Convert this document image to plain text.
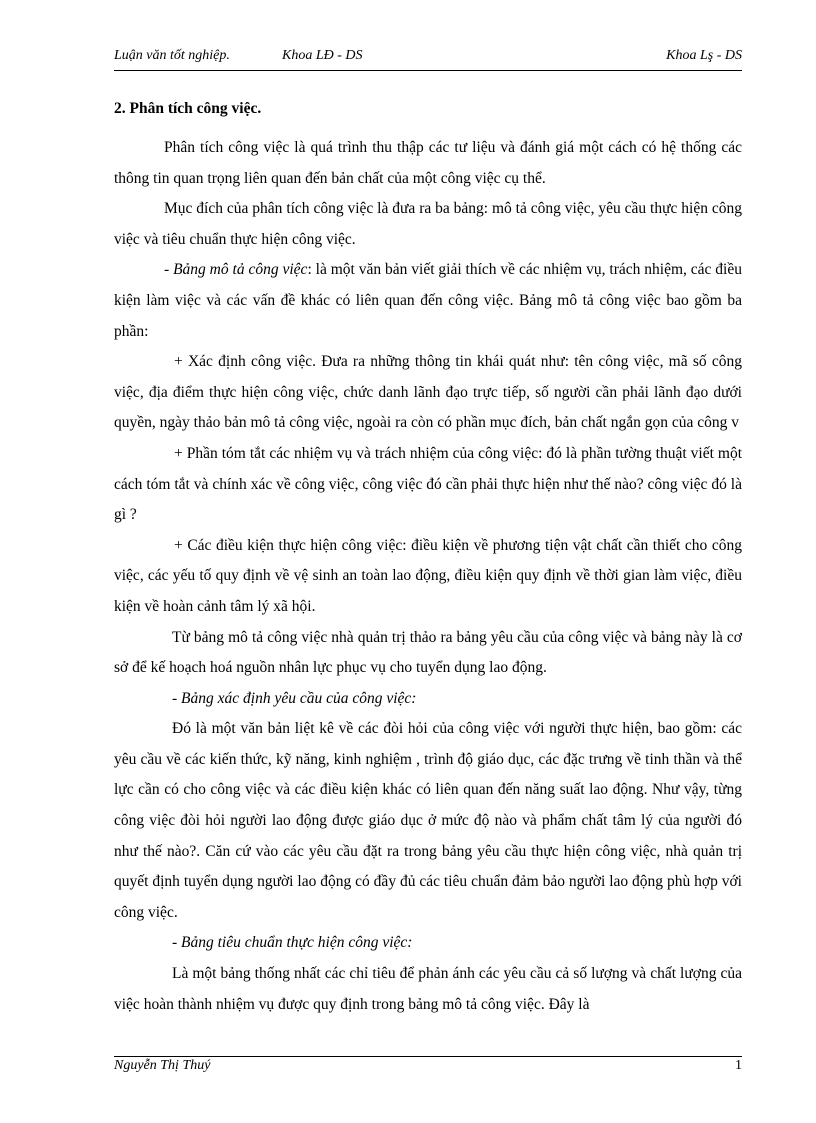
Luận văn tốt nghiệp.	Khoa LĐ - DS	Khoa Lş - DS
2. Phân tích công việc.

Phân tích công việc là quá trình thu thập các tư liệu và đánh giá một cách có hệ thống các thông tin quan trọng liên quan đến bản chất của một công việc cụ thể.

Mục đích của phân tích công việc là đưa ra ba bảng: mô tả công việc, yêu cầu thực hiện công việc và tiêu chuẩn thực hiện công việc.

- Bảng mô tả công việc: là một văn bản viết giải thích về các nhiệm vụ, trách nhiệm, các điều kiện làm việc và các vấn đề khác có liên quan đến công việc. Bảng mô tả công việc bao gồm ba phần:

+ Xác định công việc. Đưa ra những thông tin khái quát như: tên công việc, mã số công việc, địa điểm thực hiện công việc, chức danh lãnh đạo trực tiếp, số người cần phải lãnh đạo dưới quyền, ngày thảo bản mô tả công việc, ngoài ra còn có phần mục đích, bản chất ngắn gọn của công v

+ Phần tóm tắt các nhiệm vụ và trách nhiệm của công việc: đó là phần tường thuật viết một cách tóm tắt và chính xác về công việc, công việc đó cần phải thực hiện như thế nào? công việc đó là gì ?

+ Các điều kiện thực hiện công việc: điều kiện về phương tiện vật chất cần thiết cho công việc, các yếu tố quy định về vệ sinh an toàn lao động, điều kiện quy định về thời gian làm việc, điều kiện về hoàn cảnh tâm lý xã hội.

Từ bảng mô tả công việc nhà quản trị thảo ra bảng yêu cầu của công việc và bảng này là cơ sở để kế hoạch hoá nguồn nhân lực phục vụ cho tuyển dụng lao động.

- Bảng xác định yêu cầu của công việc:

Đó là một văn bản liệt kê về các đòi hỏi của công việc với người thực hiện, bao gồm: các yêu cầu về các kiến thức, kỹ năng, kinh nghiệm , trình độ giáo dục, các đặc trưng về tinh thần và thể lực cần có cho công việc và các điều kiện khác có liên quan đến năng suất lao động. Như vậy, từng công việc đòi hỏi người lao động được giáo dục ở mức độ nào và phẩm chất tâm lý của người đó như thế nào?. Căn cứ vào các yêu cầu đặt ra trong bảng yêu cầu thực hiện công việc, nhà quản trị quyết định tuyển dụng người lao động có đầy đủ các tiêu chuẩn đảm bảo người lao động phù hợp với công việc.

- Bảng tiêu chuẩn thực hiện công việc:

Là một bảng thống nhất các chỉ tiêu để phản ánh các yêu cầu cả số lượng và chất lượng của việc hoàn thành nhiệm vụ được quy định trong bảng mô tả công việc. Đây là

Nguyễn Thị Thuý	1
